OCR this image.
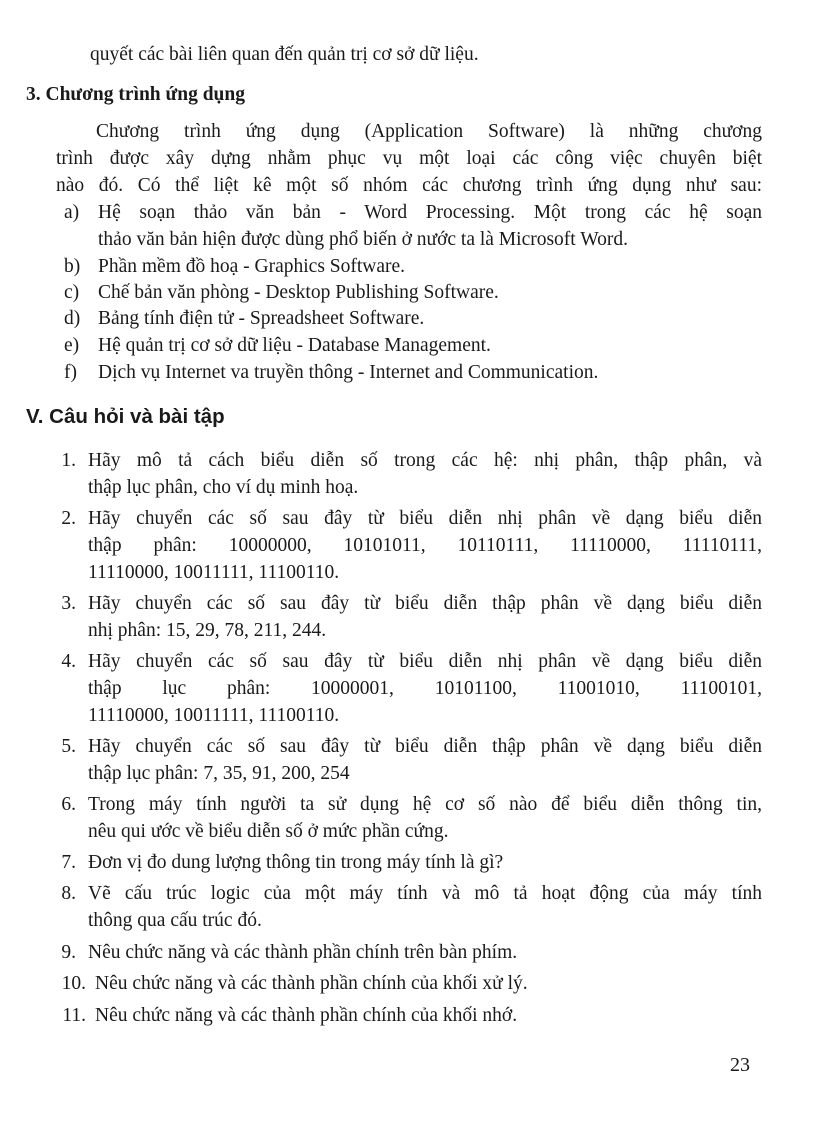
quyết các bài liên quan đến quản trị cơ sở dữ liệu.
3. Chương trình ứng dụng
Chương trình ứng dụng (Application Software) là những chương
trình được xây dựng nhằm phục vụ một loại các công việc chuyên biệt
nào đó. Có thể liệt kê một số nhóm các chương trình ứng dụng như sau:
a) Hệ soạn thảo văn bản - Word Processing. Một trong các hệ soạn
thảo văn bản hiện được dùng phổ biến ở nước ta là Microsoft Word.
b) Phần mềm đồ hoạ - Graphics Software.
c) Chế bản văn phòng - Desktop Publishing Software.
d) Bảng tính điện tử - Spreadsheet Software.
e) Hệ quản trị cơ sở dữ liệu - Database Management.
f) Dịch vụ Internet va truyền thông - Internet and Communication.
V. Câu hỏi và bài tập
1. Hãy mô tả cách biểu diễn số trong các hệ: nhị phân, thập phân, và
thập lục phân, cho ví dụ minh hoạ.
2. Hãy chuyển các số sau đây từ biểu diễn nhị phân về dạng biểu diễn
thập phân: 10000000, 10101011, 10110111, 11110000, 11110111,
11110000, 10011111, 11100110.
3. Hãy chuyển các số sau đây từ biểu diễn thập phân về dạng biểu diễn
nhị phân: 15, 29, 78, 211, 244.
4. Hãy chuyển các số sau đây từ biểu diễn nhị phân về dạng biểu diễn
thập lục phân: 10000001, 10101100, 11001010, 11100101,
11110000, 10011111, 11100110.
5. Hãy chuyển các số sau đây từ biểu diễn thập phân về dạng biểu diễn
thập lục phân: 7, 35, 91, 200, 254
6. Trong máy tính người ta sử dụng hệ cơ số nào để biểu diễn thông tin,
nêu qui ước về biểu diễn số ở mức phần cứng.
7. Đơn vị đo dung lượng thông tin trong máy tính là gì?
8. Vẽ cấu trúc logic của một máy tính và mô tả hoạt động của máy tính
thông qua cấu trúc đó.
9. Nêu chức năng và các thành phần chính trên bàn phím.
10. Nêu chức năng và các thành phần chính của khối xử lý.
11. Nêu chức năng và các thành phần chính của khối nhớ.
23
